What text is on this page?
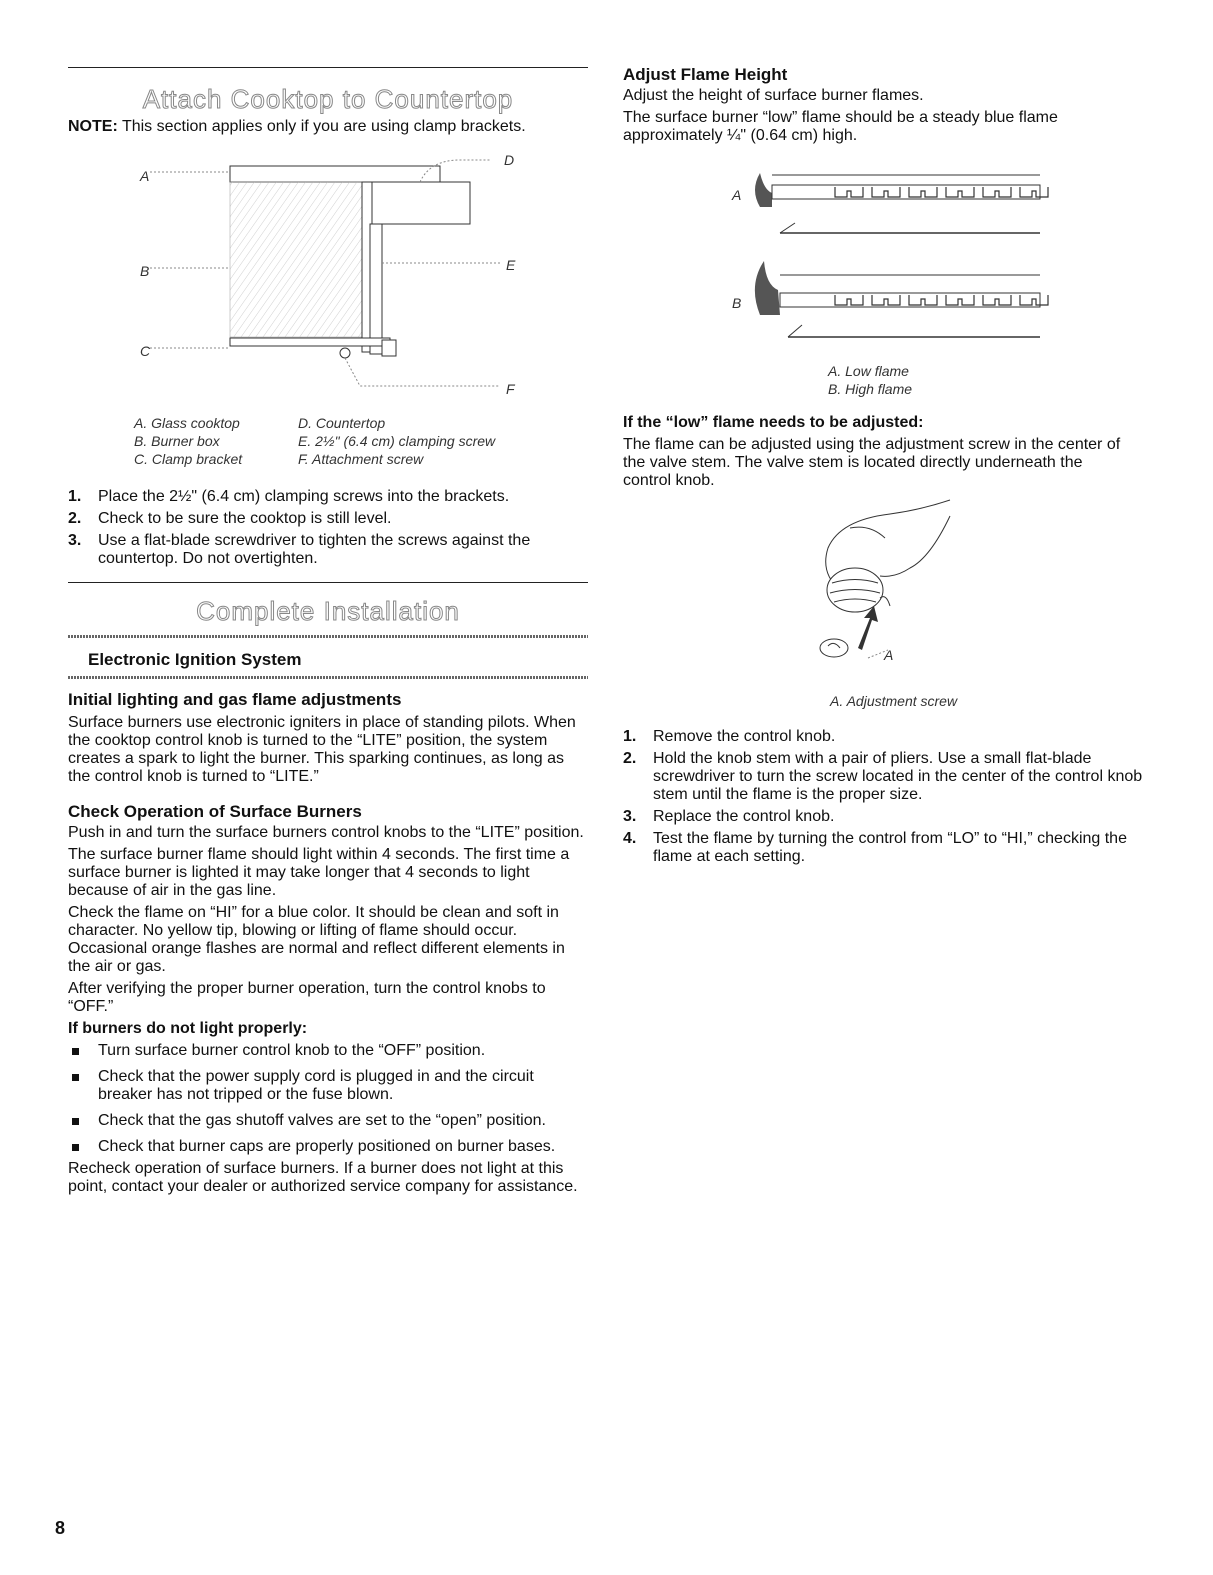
Attach Cooktop to Countertop

NOTE: This section applies only if you are using clamp brackets.

A
B
C
D
E
F
A. Glass cooktop
B. Burner box
C. Clamp bracket
D. Countertop
E. 2½" (6.4 cm) clamping screw
F. Attachment screw
1. Place the 2½" (6.4 cm) clamping screws into the brackets.
2. Check to be sure the cooktop is still level.
3. Use a flat-blade screwdriver to tighten the screws against the countertop. Do not overtighten.
Complete Installation
Electronic Ignition System
Initial lighting and gas flame adjustments

Surface burners use electronic igniters in place of standing pilots. When the cooktop control knob is turned to the “LITE” position, the system creates a spark to light the burner. This sparking continues, as long as the control knob is turned to “LITE.”

Check Operation of Surface Burners

Push in and turn the surface burners control knobs to the “LITE” position.

The surface burner flame should light within 4 seconds. The first time a surface burner is lighted it may take longer that 4 seconds to light because of air in the gas line.

Check the flame on “HI” for a blue color. It should be clean and soft in character. No yellow tip, blowing or lifting of flame should occur. Occasional orange flashes are normal and reflect different elements in the air or gas.

After verifying the proper burner operation, turn the control knobs to “OFF.”

If burners do not light properly:
Turn surface burner control knob to the “OFF” position.
Check that the power supply cord is plugged in and the circuit breaker has not tripped or the fuse blown.
Check that the gas shutoff valves are set to the “open” position.
Check that burner caps are properly positioned on burner bases.

Recheck operation of surface burners. If a burner does not light at this point, contact your dealer or authorized service company for assistance.

Adjust Flame Height

Adjust the height of surface burner flames.

The surface burner “low” flame should be a steady blue flame approximately ¼" (0.64 cm) high.

A
B
A. Low flame
B. High flame
If the “low” flame needs to be adjusted:

The flame can be adjusted using the adjustment screw in the center of the valve stem. The valve stem is located directly underneath the control knob.

A
A. Adjustment screw
1. Remove the control knob.
2. Hold the knob stem with a pair of pliers. Use a small flat-blade screwdriver to turn the screw located in the center of the control knob stem until the flame is the proper size.
3. Replace the control knob.
4. Test the flame by turning the control from “LO” to “HI,” checking the flame at each setting.
8
